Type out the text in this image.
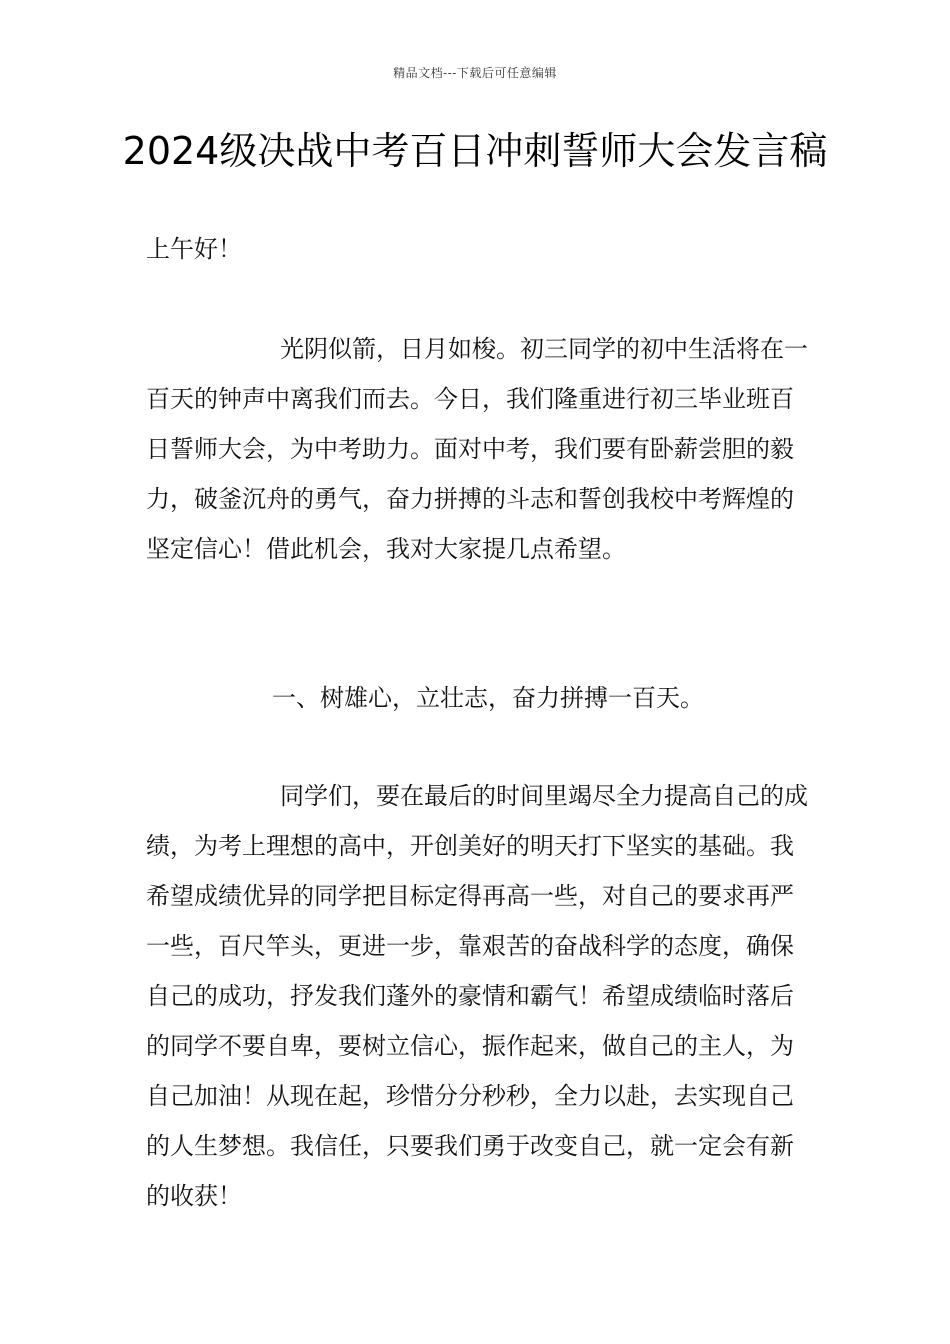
精品文档---下载后可任意编辑
2024级决战中考百日冲刺誓师大会发言稿

上午好！

光阴似箭，日月如梭。初三同学的初中生活将在一百天的钟声中离我们而去。今日，我们隆重进行初三毕业班百日誓师大会，为中考助力。面对中考，我们要有卧薪尝胆的毅力，破釜沉舟的勇气，奋力拼搏的斗志和誓创我校中考辉煌的坚定信心！借此机会，我对大家提几点希望。

一、树雄心，立壮志，奋力拼搏一百天。

同学们，要在最后的时间里竭尽全力提高自己的成绩，为考上理想的高中，开创美好的明天打下坚实的基础。我希望成绩优异的同学把目标定得再高一些，对自己的要求再严一些，百尺竿头，更进一步，靠艰苦的奋战科学的态度，确保自己的成功，抒发我们蓬外的豪情和霸气！希望成绩临时落后的同学不要自卑，要树立信心，振作起来，做自己的主人，为自己加油！从现在起，珍惜分分秒秒，全力以赴，去实现自己的人生梦想。我信任，只要我们勇于改变自己，就一定会有新的收获！
